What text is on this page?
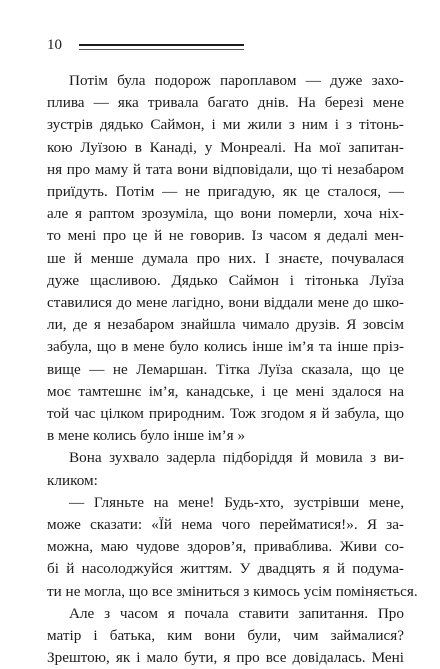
10
Потім була подорож пароплавом — дуже захо-
плива — яка тривала багато днів. На березі мене
зустрів дядько Саймон, і ми жили з ним і з тітонь-
кою Луїзою в Канаді, у Монреалі. На мої запитан-
ня про маму й тата вони відповідали, що ті незабаром
приїдуть. Потім — не пригадую, як це сталося, —
але я раптом зрозуміла, що вони померли, хоча ніх-
то мені про це й не говорив. Із часом я дедалі мен-
ше й менше думала про них. І знаєте, почувалася
дуже щасливою. Дядько Саймон і тітонька Луїза
ставилися до мене лагідно, вони віддали мене до шко-
ли, де я незабаром знайшла чимало друзів. Я зовсім
забула, що в мене було колись інше ім’я та інше пріз-
вище — не Лемаршан. Тітка Луїза сказала, що це
моє тамтешнє ім’я, канадське, і це мені здалося на
той час цілком природним. Тож згодом я й забула, що
в мене колись було інше ім’я »
Вона зухвало задерла підборіддя й мовила з ви-
кликом:
— Гляньте на мене! Будь-хто, зустрівши мене,
може сказати: «Їй нема чого перейматися!». Я за-
можна, маю чудове здоров’я, приваблива. Живи со-
бі й насолоджуйся життям. У двадцять я й подума-
ти не могла, що все зміниться з кимось усім поміняється.
Але з часом я почала ставити запитання. Про
матір і батька, ким вони були, чим займалися?
Зрештою, як і мало бути, я про все довідалась. Мені
